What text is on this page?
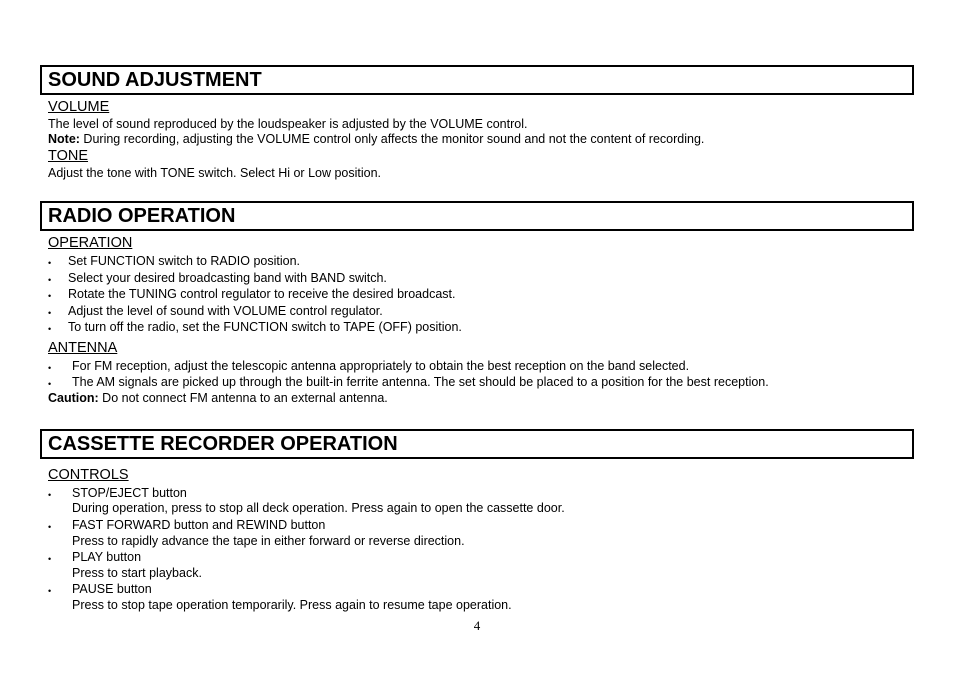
SOUND ADJUSTMENT
VOLUME
The level of sound reproduced by the loudspeaker is adjusted by the VOLUME control.
Note: During recording, adjusting the VOLUME control only affects the monitor sound and not the content of recording.
TONE
Adjust the tone with TONE switch. Select Hi or Low position.
RADIO OPERATION
OPERATION
• Set FUNCTION switch to RADIO position.
• Select your desired broadcasting band with BAND switch.
• Rotate the TUNING control regulator to receive the desired broadcast.
• Adjust the level of sound with VOLUME control regulator.
• To turn off the radio, set the FUNCTION switch to TAPE (OFF) position.
ANTENNA
• For FM reception, adjust the telescopic antenna appropriately to obtain the best reception on the band selected.
• The AM signals are picked up through the built-in ferrite antenna. The set should be placed to a position for the best reception.
Caution: Do not connect FM antenna to an external antenna.
CASSETTE RECORDER OPERATION
CONTROLS
• STOP/EJECT button
During operation, press to stop all deck operation. Press again to open the cassette door.
• FAST FORWARD button and REWIND button
Press to rapidly advance the tape in either forward or reverse direction.
• PLAY button
Press to start playback.
• PAUSE button
Press to stop tape operation temporarily. Press again to resume tape operation.
4
